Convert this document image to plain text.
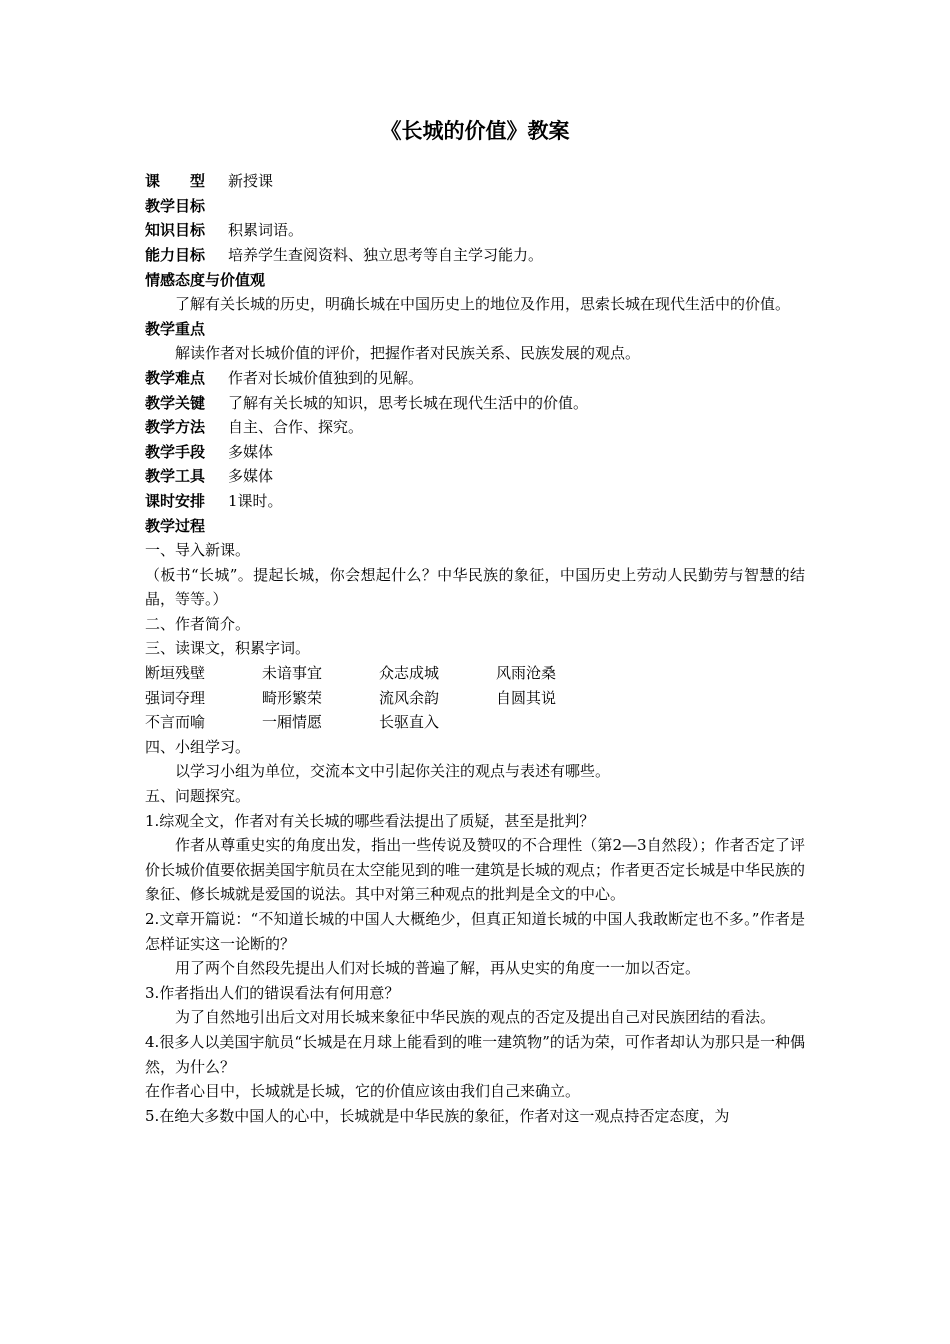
《长城的价值》教案
课　　型 新授课
教学目标
知识目标 积累词语。
能力目标 培养学生查阅资料、独立思考等自主学习能力。
情感态度与价值观
了解有关长城的历史，明确长城在中国历史上的地位及作用，思索长城在现代生活中的价值。
教学重点
解读作者对长城价值的评价，把握作者对民族关系、民族发展的观点。
教学难点 作者对长城价值独到的见解。
教学关键 了解有关长城的知识，思考长城在现代生活中的价值。
教学方法 自主、合作、探究。
教学手段 多媒体
教学工具 多媒体
课时安排 1课时。
教学过程
一、导入新课。
（板书“长城”。提起长城，你会想起什么？中华民族的象征，中国历史上劳动人民勤劳与智慧的结晶，等等。）
二、作者简介。
三、读课文，积累字词。
断垣残壁	未谙事宜	众志成城	风雨沧桑
强词夺理	畸形繁荣	流风余韵	自圆其说
不言而喻	一厢情愿	长驱直入
四、小组学习。
以学习小组为单位，交流本文中引起你关注的观点与表述有哪些。
五、问题探究。
1.综观全文，作者对有关长城的哪些看法提出了质疑，甚至是批判？
作者从尊重史实的角度出发，指出一些传说及赞叹的不合理性（第2—3自然段）；作者否定了评价长城价值要依据美国宇航员在太空能见到的唯一建筑是长城的观点；作者更否定长城是中华民族的象征、修长城就是爱国的说法。其中对第三种观点的批判是全文的中心。
2.文章开篇说：“不知道长城的中国人大概绝少，但真正知道长城的中国人我敢断定也不多。”作者是怎样证实这一论断的？
用了两个自然段先提出人们对长城的普遍了解，再从史实的角度一一加以否定。
3.作者指出人们的错误看法有何用意？
为了自然地引出后文对用长城来象征中华民族的观点的否定及提出自己对民族团结的看法。
4.很多人以美国宇航员“长城是在月球上能看到的唯一建筑物”的话为荣，可作者却认为那只是一种偶然，为什么？
在作者心目中，长城就是长城，它的价值应该由我们自己来确立。
5.在绝大多数中国人的心中，长城就是中华民族的象征，作者对这一观点持否定态度，为
